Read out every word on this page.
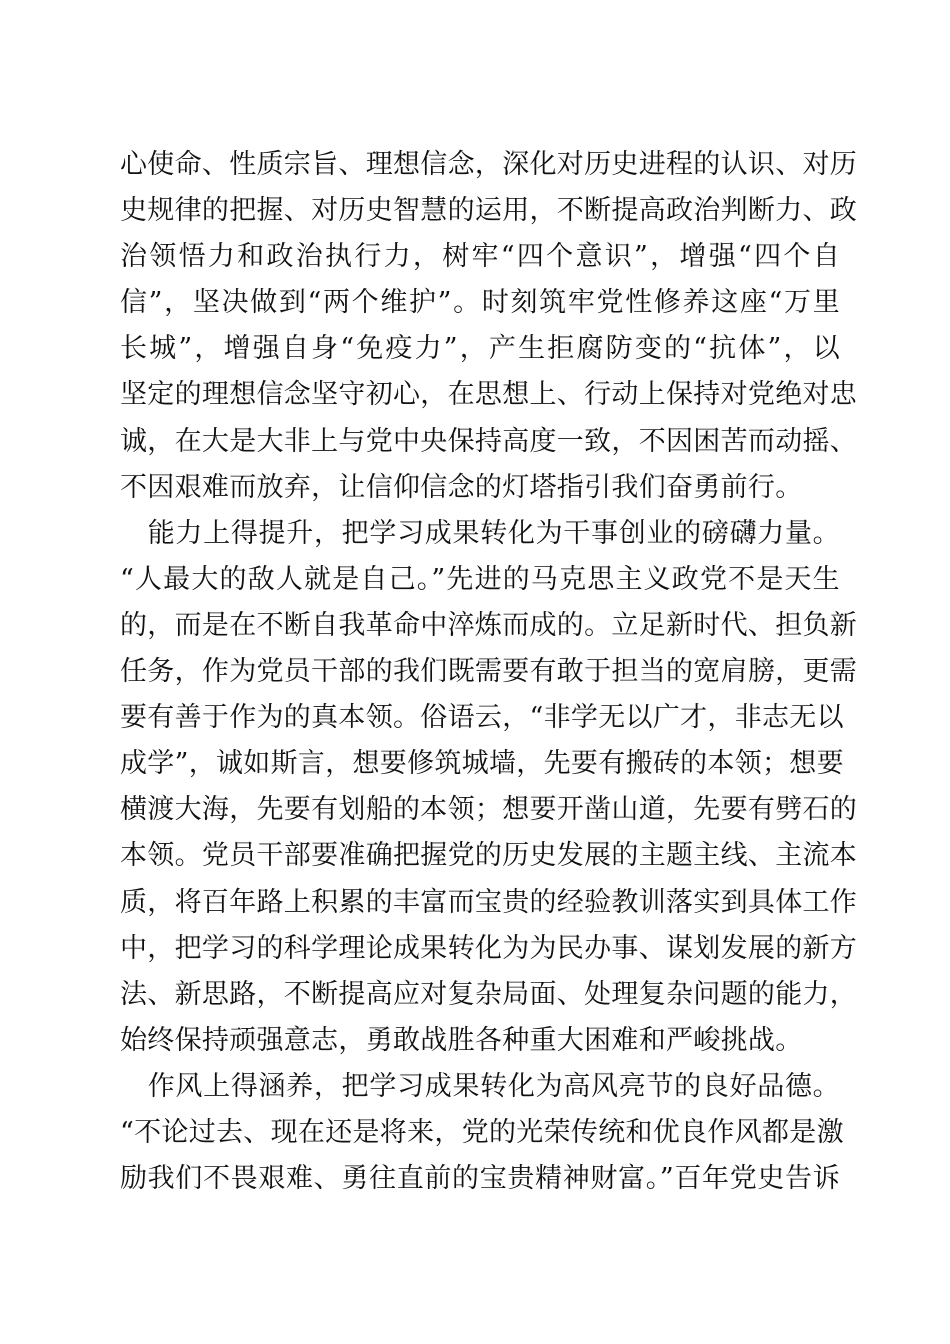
心使命、性质宗旨、理想信念，深化对历史进程的认识、对历
史规律的把握、对历史智慧的运用，不断提高政治判断力、政
治领悟力和政治执行力，树牢“四个意识”，增强“四个自
信”，坚决做到“两个维护”。时刻筑牢党性修养这座“万里
长城”，增强自身“免疫力”，产生拒腐防变的“抗体”，以
坚定的理想信念坚守初心，在思想上、行动上保持对党绝对忠
诚，在大是大非上与党中央保持高度一致，不因困苦而动摇、
不因艰难而放弃，让信仰信念的灯塔指引我们奋勇前行。
　能力上得提升，把学习成果转化为干事创业的磅礴力量。
“人最大的敌人就是自己。”先进的马克思主义政党不是天生
的，而是在不断自我革命中淬炼而成的。立足新时代、担负新
任务，作为党员干部的我们既需要有敢于担当的宽肩膀，更需
要有善于作为的真本领。俗语云，“非学无以广才，非志无以
成学”，诚如斯言，想要修筑城墙，先要有搬砖的本领；想要
横渡大海，先要有划船的本领；想要开凿山道，先要有劈石的
本领。党员干部要准确把握党的历史发展的主题主线、主流本
质，将百年路上积累的丰富而宝贵的经验教训落实到具体工作
中，把学习的科学理论成果转化为为民办事、谋划发展的新方
法、新思路，不断提高应对复杂局面、处理复杂问题的能力，
始终保持顽强意志，勇敢战胜各种重大困难和严峻挑战。
　作风上得涵养，把学习成果转化为高风亮节的良好品德。
“不论过去、现在还是将来，党的光荣传统和优良作风都是激
励我们不畏艰难、勇往直前的宝贵精神财富。”百年党史告诉
